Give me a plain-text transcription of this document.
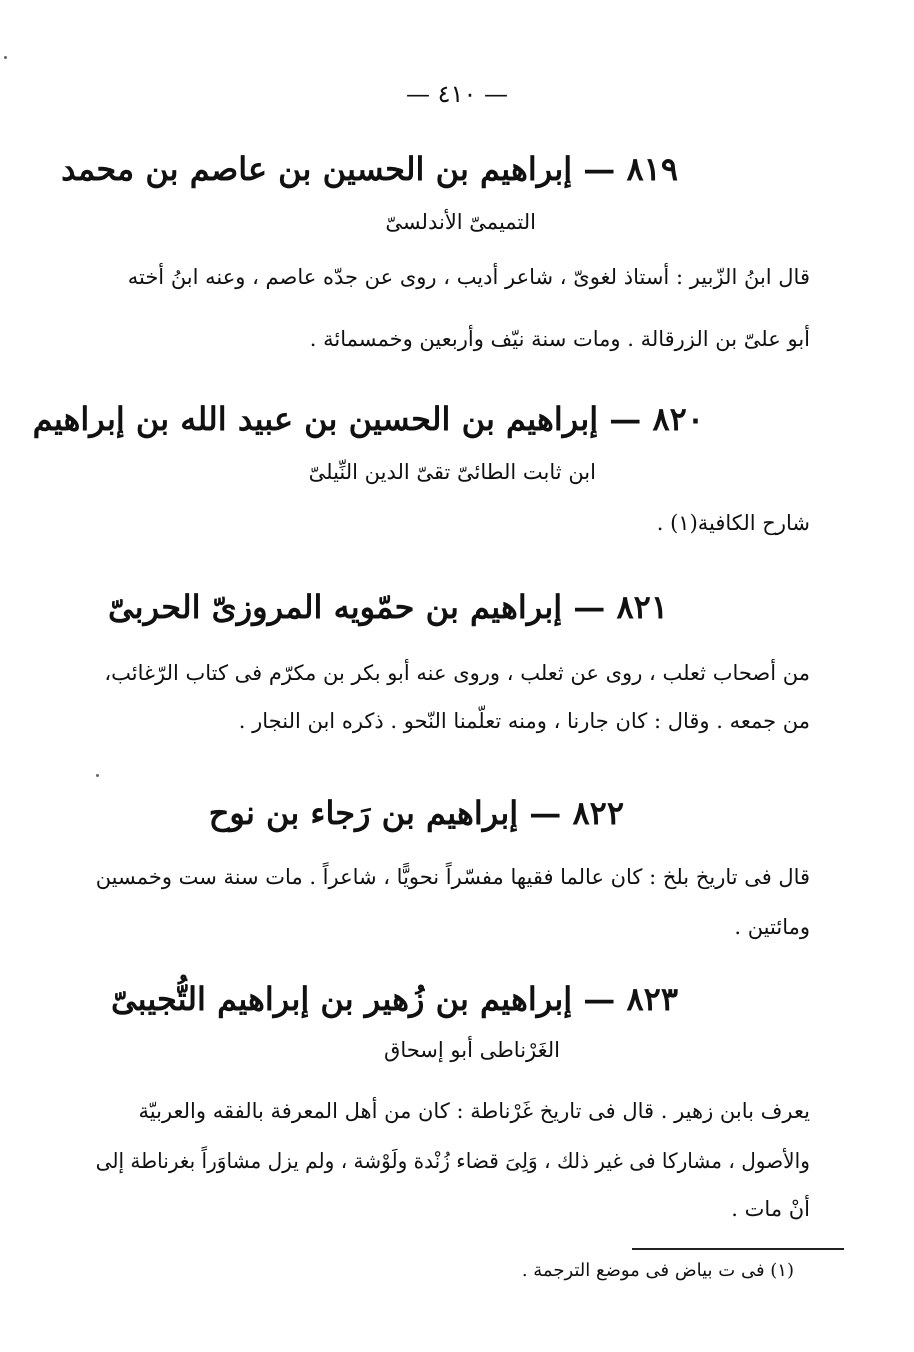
— ٤١٠ —
٨١٩ — إبراهيم بن الحسين بن عاصم بن محمد
التميمىّ الأندلسىّ
قال ابنُ الزّبير : أستاذ لغوىّ ، شاعر أديب ، روى عن جدّه عاصم ، وعنه ابنُ أخته
أبو علىّ بن الزرقالة . ومات سنة نيّف وأربعين وخمسمائة .
٨٢٠ — إبراهيم بن الحسين بن عبيد الله بن إبراهيم
ابن ثابت الطائىّ تقىّ الدين النِّيلىّ
شارح الكافية(١) .
٨٢١ — إبراهيم بن حمّويه المروزىّ الحربىّ
من أصحاب ثعلب ، روى عن ثعلب ، وروى عنه أبو بكر بن مكرّم فى كتاب الرّغائب،
من جمعه . وقال : كان جارنا ، ومنه تعلّمنا النّحو . ذكره ابن النجار .
٨٢٢ — إبراهيم بن رَجاء بن نوح
قال فى تاريخ بلخ : كان عالما فقيها مفسّراً نحويًّا ، شاعراً . مات سنة ست وخمسين
ومائتين .
٨٢٣ — إبراهيم بن زُهير بن إبراهيم التُّجيبىّ
الغَرْناطى أبو إسحاق
يعرف بابن زهير . قال فى تاريخ غَرْناطة : كان من أهل المعرفة بالفقه والعربيّة
والأصول ، مشاركا فى غير ذلك ، وَلِىَ قضاء زُنْدة ولَوْشة ، ولم يزل مشاوَراً بغرناطة إلى
أنْ مات .
(١) فى ت بياض فى موضع الترجمة .
